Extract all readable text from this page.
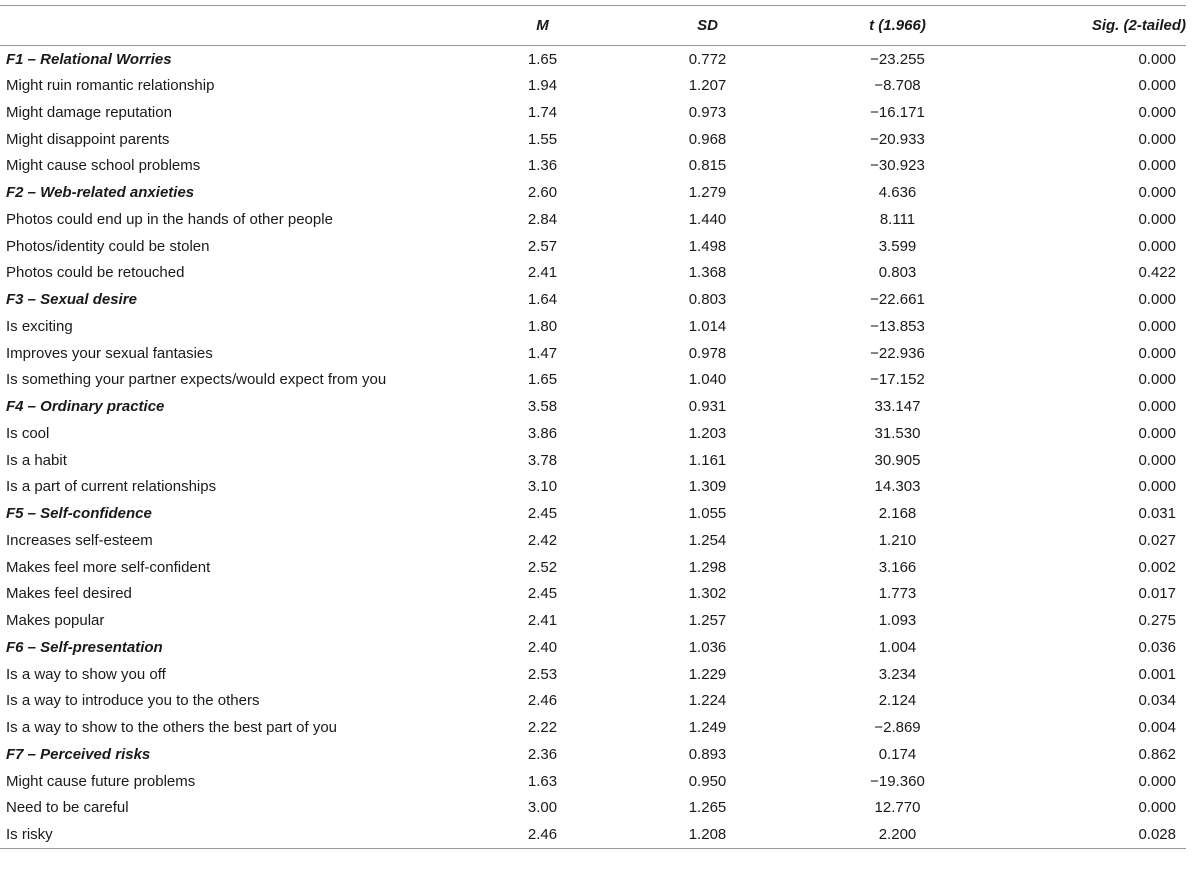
	M	SD	t (1.966)	Sig. (2-tailed)
F1 – Relational Worries	1.65	0.772	−23.255	0.000
Might ruin romantic relationship	1.94	1.207	−8.708	0.000
Might damage reputation	1.74	0.973	−16.171	0.000
Might disappoint parents	1.55	0.968	−20.933	0.000
Might cause school problems	1.36	0.815	−30.923	0.000
F2 – Web-related anxieties	2.60	1.279	4.636	0.000
Photos could end up in the hands of other people	2.84	1.440	8.111	0.000
Photos/identity could be stolen	2.57	1.498	3.599	0.000
Photos could be retouched	2.41	1.368	0.803	0.422
F3 – Sexual desire	1.64	0.803	−22.661	0.000
Is exciting	1.80	1.014	−13.853	0.000
Improves your sexual fantasies	1.47	0.978	−22.936	0.000
Is something your partner expects/would expect from you	1.65	1.040	−17.152	0.000
F4 – Ordinary practice	3.58	0.931	33.147	0.000
Is cool	3.86	1.203	31.530	0.000
Is a habit	3.78	1.161	30.905	0.000
Is a part of current relationships	3.10	1.309	14.303	0.000
F5 – Self-confidence	2.45	1.055	2.168	0.031
Increases self-esteem	2.42	1.254	1.210	0.027
Makes feel more self-confident	2.52	1.298	3.166	0.002
Makes feel desired	2.45	1.302	1.773	0.017
Makes popular	2.41	1.257	1.093	0.275
F6 – Self-presentation	2.40	1.036	1.004	0.036
Is a way to show you off	2.53	1.229	3.234	0.001
Is a way to introduce you to the others	2.46	1.224	2.124	0.034
Is a way to show to the others the best part of you	2.22	1.249	−2.869	0.004
F7 – Perceived risks	2.36	0.893	0.174	0.862
Might cause future problems	1.63	0.950	−19.360	0.000
Need to be careful	3.00	1.265	12.770	0.000
Is risky	2.46	1.208	2.200	0.028
